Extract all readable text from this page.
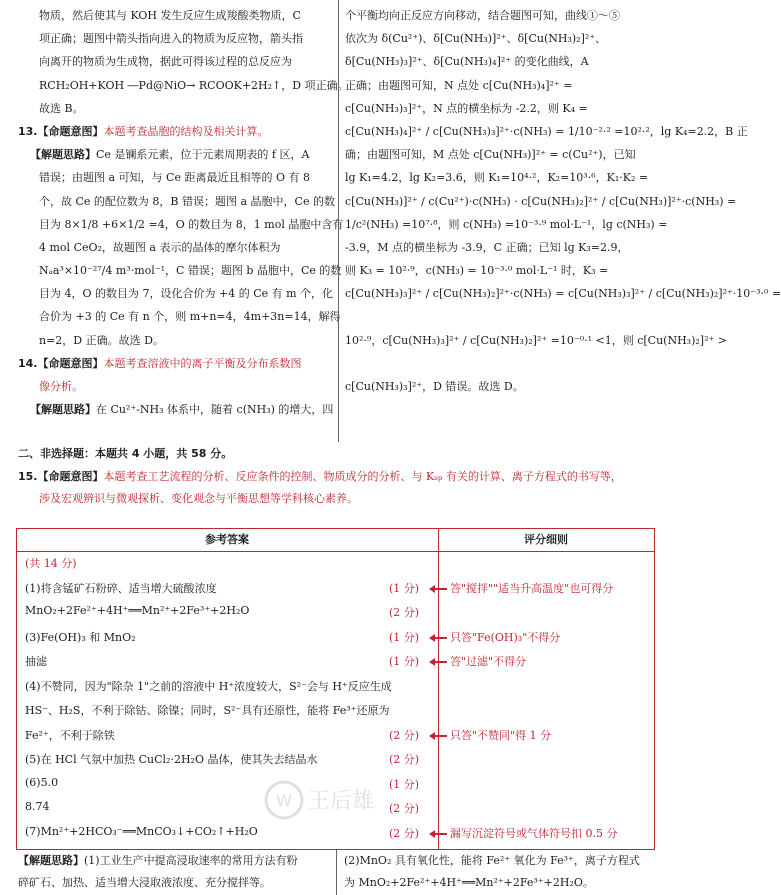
物质，然后使其与 KOH 发生反应生成羧酸类物质，C
项正确；题图中箭头指向进入的物质为反应物，箭头指
向离开的物质为生成物，据此可得该过程的总反应为
RCH₂OH+KOH ―Pd@NiO→ RCOOK+2H₂↑，D 项正确。
故选 B。
13.【命题意图】本题考查晶胞的结构及相关计算。
【解题思路】Ce 是镧系元素，位于元素周期表的 f 区，A
错误；由题图 a 可知，与 Ce 距离最近且相等的 O 有 8
个，故 Ce 的配位数为 8，B 错误；题图 a 晶胞中，Ce 的数
目为 8×1/8 +6×1/2 =4，O 的数目为 8，1 mol 晶胞中含有
4 mol CeO₂，故题图 a 表示的晶体的摩尔体积为
Nₐa³×10⁻²⁷/4 m³·mol⁻¹，C 错误；题图 b 晶胞中，Ce 的数
目为 4，O 的数目为 7，设化合价为 +4 的 Ce 有 m 个，化
合价为 +3 的 Ce 有 n 个，则 m+n=4，4m+3n=14，解得
n=2，D 正确。故选 D。
14.【命题意图】本题考查溶液中的离子平衡及分布系数图
像分析。
【解题思路】在 Cu²⁺-NH₃ 体系中，随着 c(NH₃) 的增大，四
个平衡均向正反应方向移动，结合题图可知，曲线①～⑤
依次为 δ(Cu²⁺)、δ[Cu(NH₃)]²⁺、δ[Cu(NH₃)₂]²⁺、
δ[Cu(NH₃)₃]²⁺、δ[Cu(NH₃)₄]²⁺ 的变化曲线，A
正确；由题图可知，N 点处 c[Cu(NH₃)₄]²⁺ =
c[Cu(NH₃)₃]²⁺，N 点的横坐标为 -2.2，则 K₄ =
c[Cu(NH₃)₄]²⁺ / c[Cu(NH₃)₃]²⁺·c(NH₃) = 1/10⁻²·² =10²·²，lg K₄=2.2，B 正
确；由题图可知，M 点处 c[Cu(NH₃)]²⁺ = c(Cu²⁺)，已知
lg K₁=4.2，lg K₂=3.6，则 K₁=10⁴·²，K₂=10³·⁶，K₁·K₂ =
c[Cu(NH₃)]²⁺ / c(Cu²⁺)·c(NH₃) · c[Cu(NH₃)₂]²⁺ / c[Cu(NH₃)]²⁺·c(NH₃) =
1/c²(NH₃) =10⁷·⁸，则 c(NH₃) =10⁻³·⁹ mol·L⁻¹，lg c(NH₃) =
-3.9，M 点的横坐标为 -3.9，C 正确；已知 lg K₃=2.9，
则 K₃ = 10²·⁹，c(NH₃) = 10⁻³·⁰ mol·L⁻¹ 时，K₃ =
c[Cu(NH₃)₃]²⁺ / c[Cu(NH₃)₂]²⁺·c(NH₃) = c[Cu(NH₃)₃]²⁺ / c[Cu(NH₃)₂]²⁺·10⁻³·⁰ =
10²·⁹，c[Cu(NH₃)₃]²⁺ / c[Cu(NH₃)₂]²⁺ =10⁻⁰·¹ <1，则 c[Cu(NH₃)₂]²⁺ >
c[Cu(NH₃)₃]²⁺，D 错误。故选 D。
二、非选择题：本题共 4 小题，共 58 分。
15.【命题意图】本题考查工艺流程的分析、反应条件的控制、物质成分的分析、与 Kₛₚ 有关的计算、离子方程式的书写等，
涉及宏观辨识与微观探析、变化观念与平衡思想等学科核心素养。
参考答案	评分细则
(共 14 分)
(1)将含锰矿石粉碎、适当增大硫酸浓度	(1 分)	答"搅拌""适当升高温度"也可得分
MnO₂+2Fe²⁺+4H⁺══Mn²⁺+2Fe³⁺+2H₂O	(2 分)
(3)Fe(OH)₃ 和 MnO₂	(1 分)	只答"Fe(OH)₃"不得分
抽滤	(1 分)	答"过滤"不得分
(4)不赞同，因为"除杂 1"之前的溶液中 H⁺浓度较大，S²⁻会与 H⁺反应生成
HS⁻、H₂S，不利于除钴、除镍；同时，S²⁻具有还原性，能将 Fe³⁺还原为
Fe²⁺，不利于除铁	(2 分)	只答"不赞同"得 1 分
(5)在 HCl 气氛中加热 CuCl₂·2H₂O 晶体，使其失去结晶水	(2 分)
(6)5.0	(1 分)
8.74	(2 分)
(7)Mn²⁺+2HCO₃⁻══MnCO₃↓+CO₂↑+H₂O	(2 分)	漏写沉淀符号或气体符号扣 0.5 分
W 王后雄
【解题思路】(1)工业生产中提高浸取速率的常用方法有粉
碎矿石、加热、适当增大浸取液浓度、充分搅拌等。
(2)MnO₂ 具有氧化性，能将 Fe²⁺ 氧化为 Fe³⁺，离子方程式
为 MnO₂+2Fe²⁺+4H⁺══Mn²⁺+2Fe³⁺+2H₂O。
